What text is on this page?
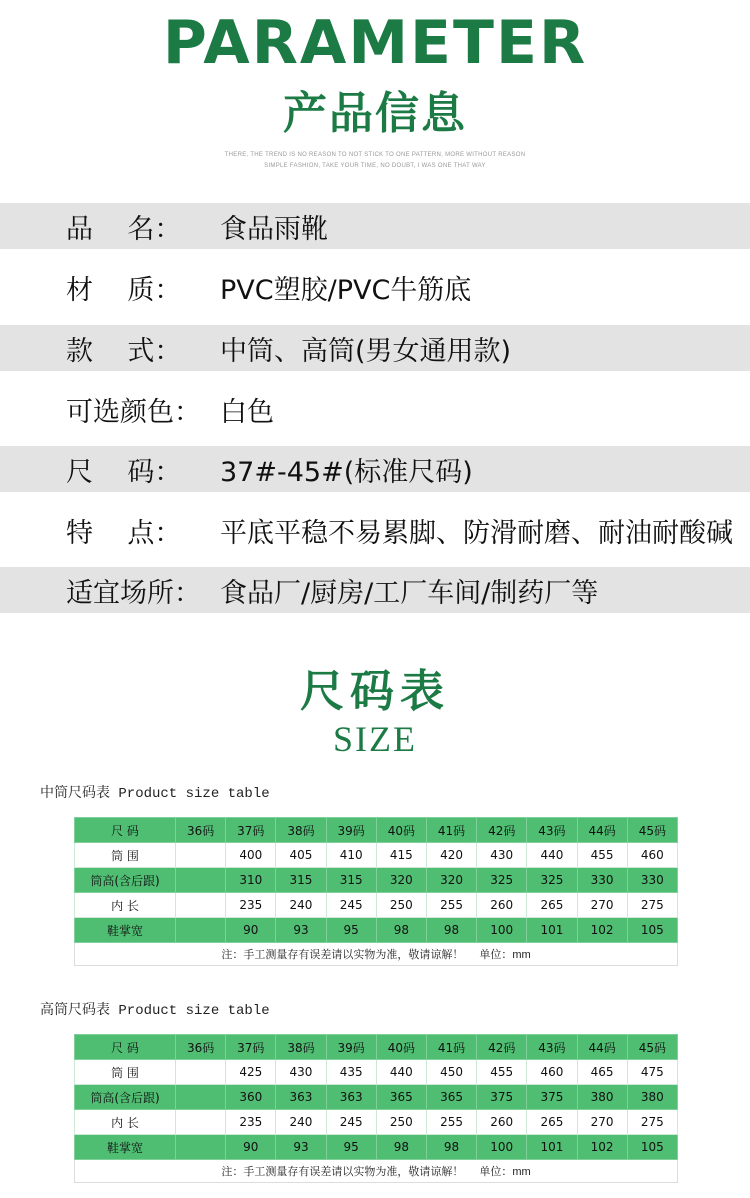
PARAMETER
产品信息
THERE, THE TREND IS NO REASON TO NOT STICK TO ONE PATTERN, MORE WITHOUT REASON
SIMPLE FASHION, TAKE YOUR TIME, NO DOUBT, I WAS ONE THAT WAY
品    名： 食品雨靴
材    质： PVC塑胶/PVC牛筋底
款    式： 中筒、高筒(男女通用款)
可选颜色： 白色
尺    码： 37#-45#(标准尺码)
特    点： 平底平稳不易累脚、防滑耐磨、耐油耐酸碱
适宜场所： 食品厂/厨房/工厂车间/制药厂等
尺码表
SIZE
中筒尺码表 Product size table
尺 码	36码	37码	38码	39码	40码	41码	42码	43码	44码	45码
筒 围		400	405	410	415	420	430	440	455	460
筒高(含后跟)		310	315	315	320	320	325	325	330	330
内 长		235	240	245	250	255	260	265	270	275
鞋掌宽		90	93	95	98	98	100	101	102	105
注：手工测量存有误差请以实物为准，敬请谅解！ 单位：mm										
高筒尺码表 Product size table
尺 码	36码	37码	38码	39码	40码	41码	42码	43码	44码	45码
筒 围		425	430	435	440	450	455	460	465	475
筒高(含后跟)		360	363	363	365	365	375	375	380	380
内 长		235	240	245	250	255	260	265	270	275
鞋掌宽		90	93	95	98	98	100	101	102	105
注：手工测量存有误差请以实物为准，敬请谅解！ 单位：mm										
